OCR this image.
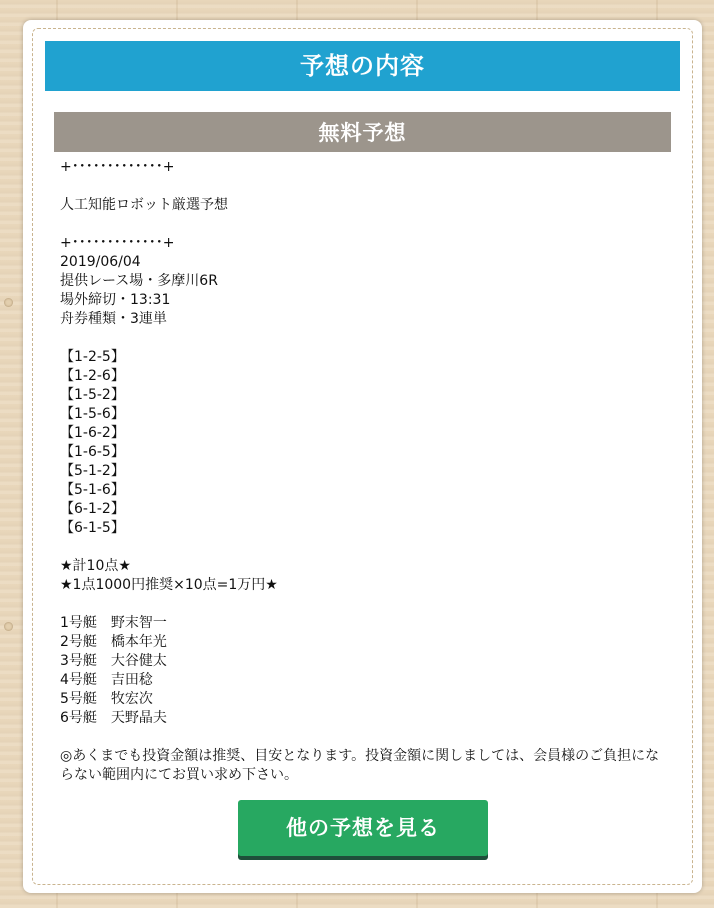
予想の内容
無料予想
+･････････････+
人工知能ロボット厳選予想
+･････････････+
2019/06/04
提供レース場・多摩川6R
場外締切・13:31
舟券種類・3連単
【1-2-5】
【1-2-6】
【1-5-2】
【1-5-6】
【1-6-2】
【1-6-5】
【5-1-2】
【5-1-6】
【6-1-2】
【6-1-5】
★計10点★
★1点1000円推奨×10点=1万円★
1号艇　野末智一
2号艇　橋本年光
3号艇　大谷健太
4号艇　吉田稔
5号艇　牧宏次
6号艇　天野晶夫
◎あくまでも投資金額は推奨、目安となります。投資金額に関しましては、会員様のご負担にならない範囲内にてお買い求め下さい。
他の予想を見る
